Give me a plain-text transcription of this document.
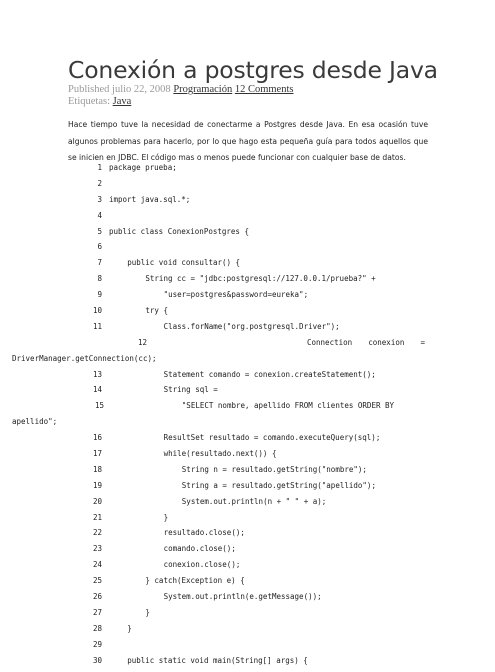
Conexión a postgres desde Java
Published julio 22, 2008 Programación 12 Comments
Etiquetas: Java
Hace tiempo tuve la necesidad de conectarme a Postgres desde Java. En esa ocasión tuve algunos problemas para hacerlo, por lo que hago esta pequeña guía para todos aquellos que se inicien en JDBC. El código mas o menos puede funcionar con cualquier base de datos.
1 package prueba;
2
3 import java.sql.*;
4
5 public class ConexionPostgres {
6
7	public void consultar() {
8	String cc = "jdbc:postgresql://127.0.0.1/prueba?" +
9	"user=postgres&password=eureka";
10	try {
11	Class.forName("org.postgresql.Driver");
12	Connection conexion =
DriverManager.getConnection(cc);
13	Statement comando = conexion.createStatement();
14	String sql =
15	"SELECT nombre, apellido FROM clientes ORDER BY
apellido";
16	ResultSet resultado = comando.executeQuery(sql);
17	while(resultado.next()) {
18	String n = resultado.getString("nombre");
19	String a = resultado.getString("apellido");
20	System.out.println(n + " " + a);
21	}
22	resultado.close();
23	comando.close();
24	conexion.close();
25	} catch(Exception e) {
26	System.out.println(e.getMessage());
27	}
28	}
29
30	public static void main(String[] args) {
